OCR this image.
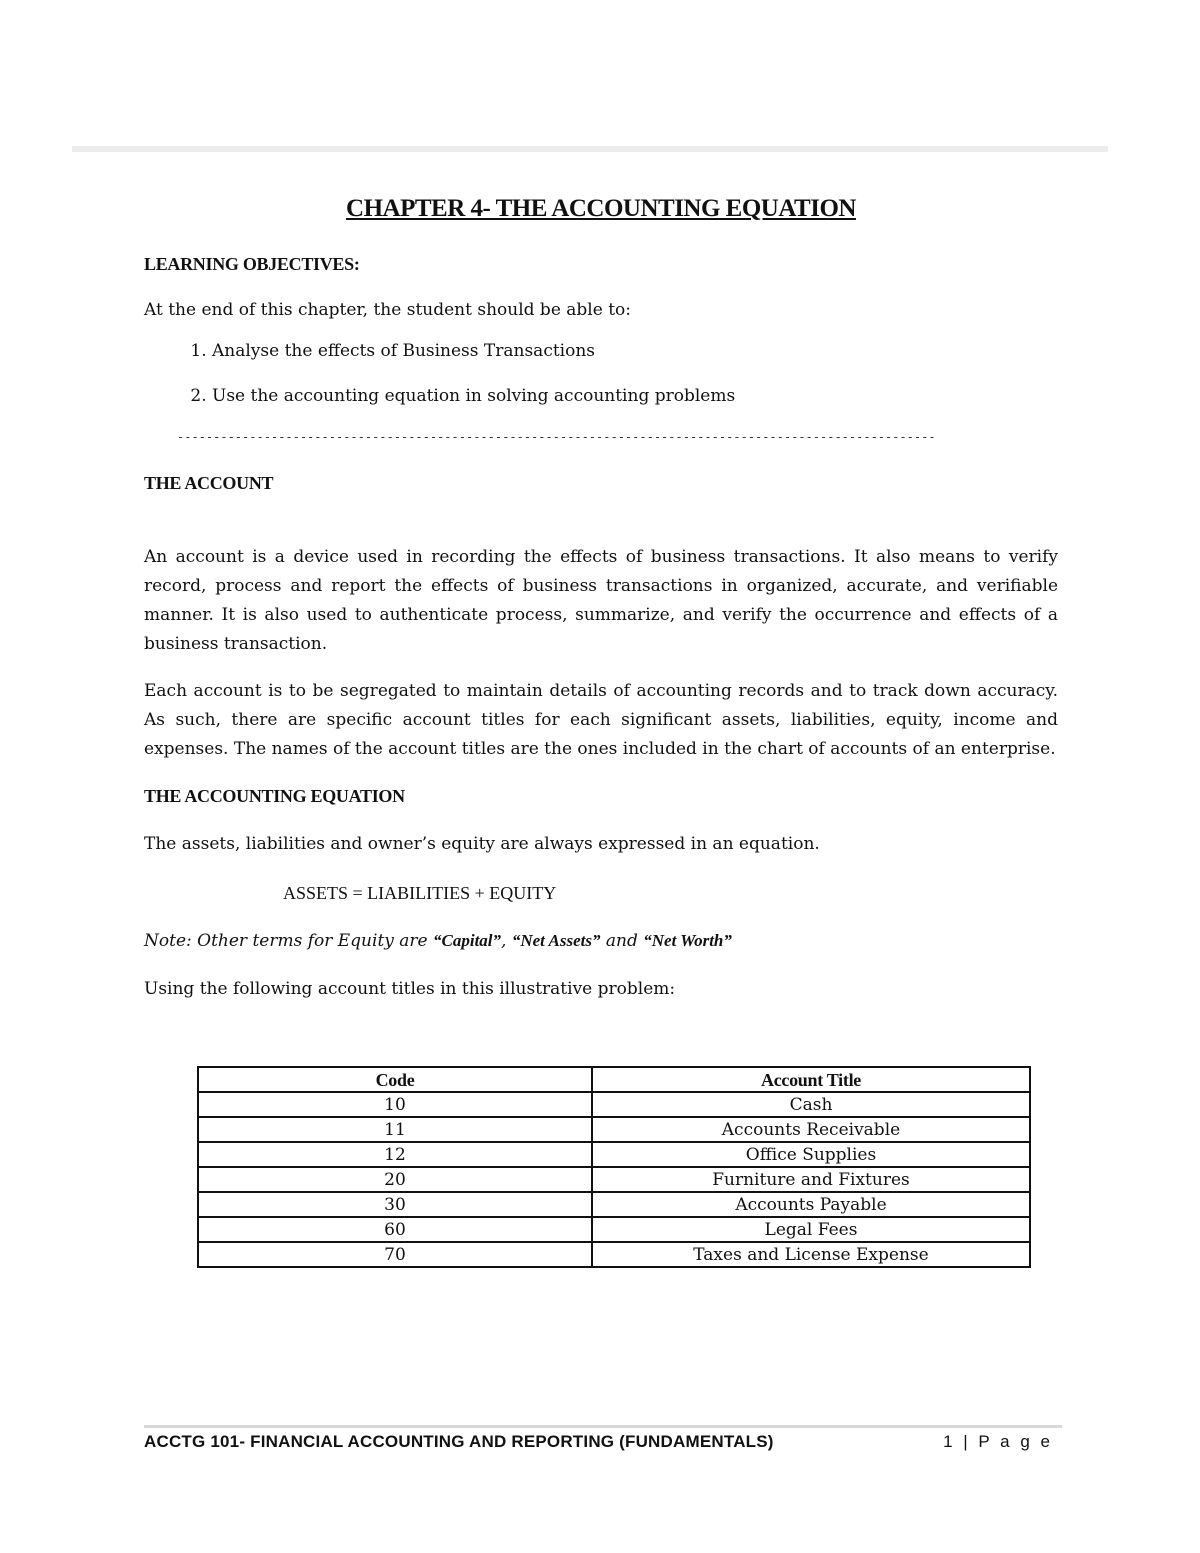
CHAPTER 4- THE ACCOUNTING EQUATION
LEARNING OBJECTIVES:

At the end of this chapter, the student should be able to:

1. Analyse the effects of Business Transactions
2. Use the accounting equation in solving accounting problems
---------------------------------------------------------------------------------------------------------
THE ACCOUNT

An account is a device used in recording the effects of business transactions. It also means to verify record, process and report the effects of business transactions in organized, accurate, and verifiable manner. It is also used to authenticate process, summarize, and verify the occurrence and effects of a business transaction.

Each account is to be segregated to maintain details of accounting records and to track down accuracy. As such, there are specific account titles for each significant assets, liabilities, equity, income and expenses. The names of the account titles are the ones included in the chart of accounts of an enterprise.

THE ACCOUNTING EQUATION

The assets, liabilities and owner’s equity are always expressed in an equation.

ASSETS = LIABILITIES + EQUITY

Note: Other terms for Equity are “Capital”, “Net Assets” and “Net Worth”

Using the following account titles in this illustrative problem:

Code	Account Title
10	Cash
11	Accounts Receivable
12	Office Supplies
20	Furniture and Fixtures
30	Accounts Payable
60	Legal Fees
70	Taxes and License Expense
ACCTG 101- FINANCIAL ACCOUNTING AND REPORTING (FUNDAMENTALS)	1 | P a g e
